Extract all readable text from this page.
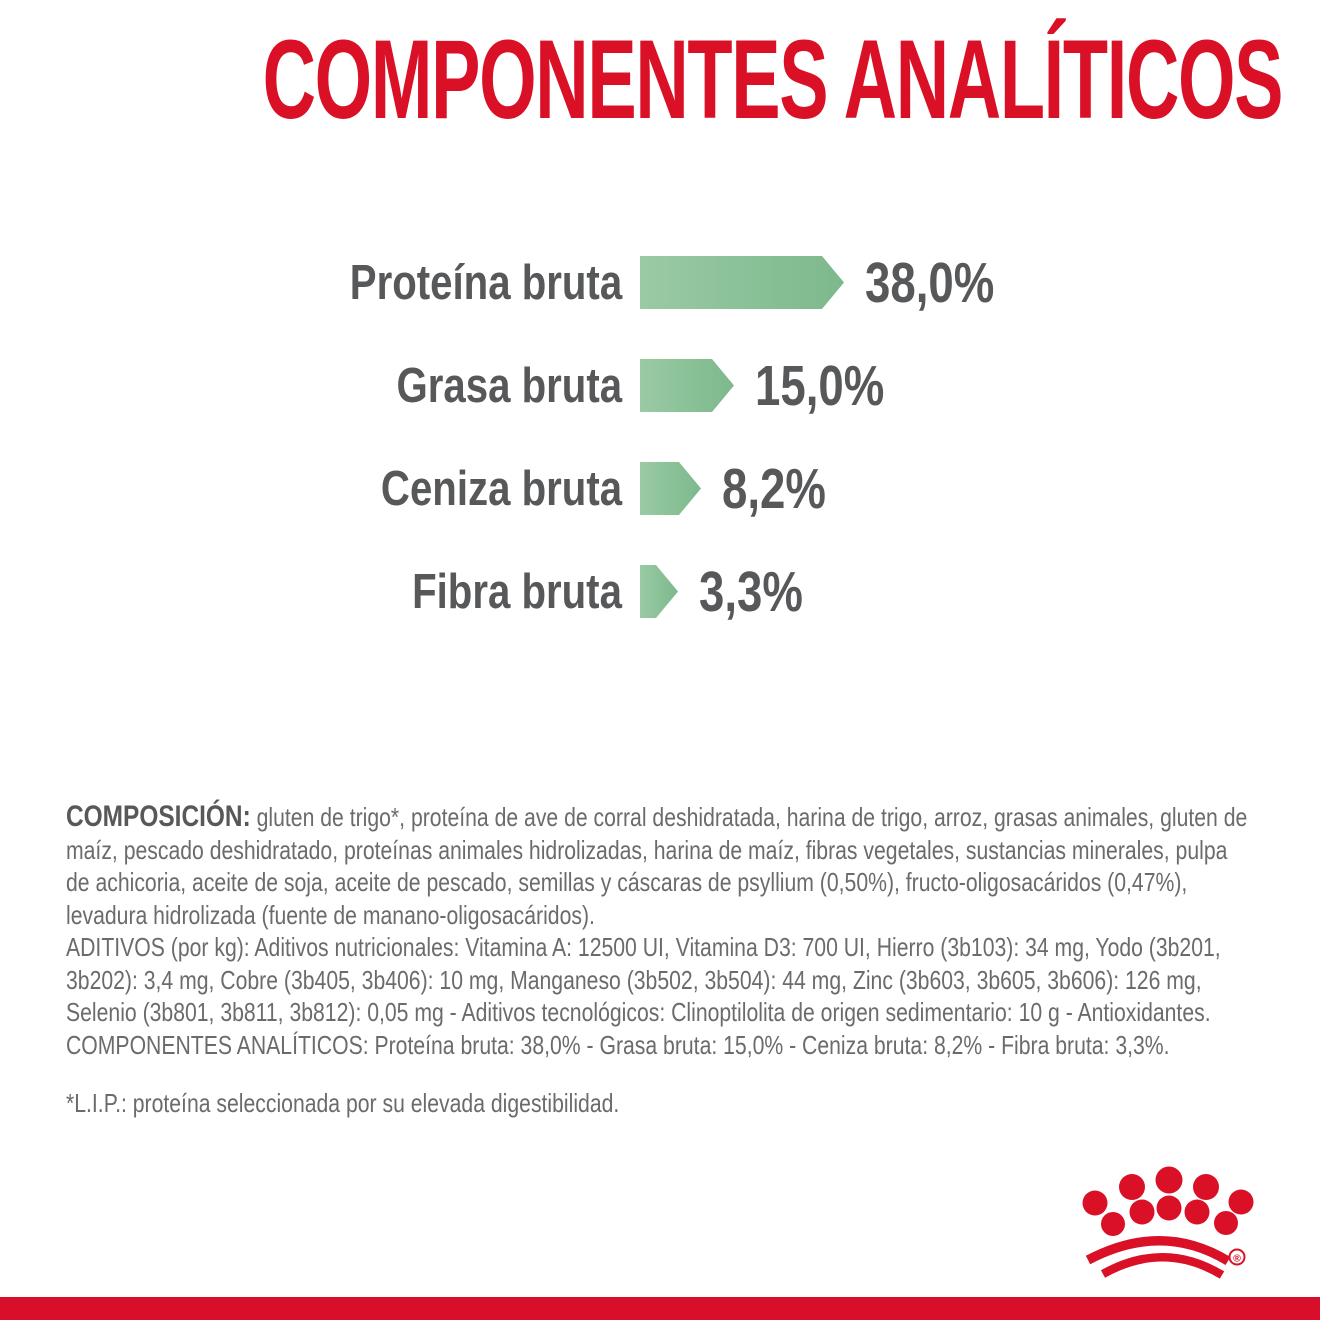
COMPONENTES ANALÍTICOS
Proteína bruta	38,0%
Grasa bruta	15,0%
Ceniza bruta	8,2%
Fibra bruta	3,3%

COMPOSICIÓN: gluten de trigo*, proteína de ave de corral deshidratada, harina de trigo, arroz, grasas animales, gluten de maíz, pescado deshidratado, proteínas animales hidrolizadas, harina de maíz, fibras vegetales, sustancias minerales, pulpa de achicoria, aceite de soja, aceite de pescado, semillas y cáscaras de psyllium (0,50%), fructo-oligosacáridos (0,47%), levadura hidrolizada (fuente de manano-oligosacáridos).

ADITIVOS (por kg): Aditivos nutricionales: Vitamina A: 12500 UI, Vitamina D3: 700 UI, Hierro (3b103): 34 mg, Yodo (3b201, 3b202): 3,4 mg, Cobre (3b405, 3b406): 10 mg, Manganeso (3b502, 3b504): 44 mg, Zinc (3b603, 3b605, 3b606): 126 mg, Selenio (3b801, 3b811, 3b812): 0,05 mg - Aditivos tecnológicos: Clinoptilolita de origen sedimentario: 10 g - Antioxidantes.

COMPONENTES ANALÍTICOS: Proteína bruta: 38,0% - Grasa bruta: 15,0% - Ceniza bruta: 8,2% - Fibra bruta: 3,3%.

*L.I.P.: proteína seleccionada por su elevada digestibilidad.

®
